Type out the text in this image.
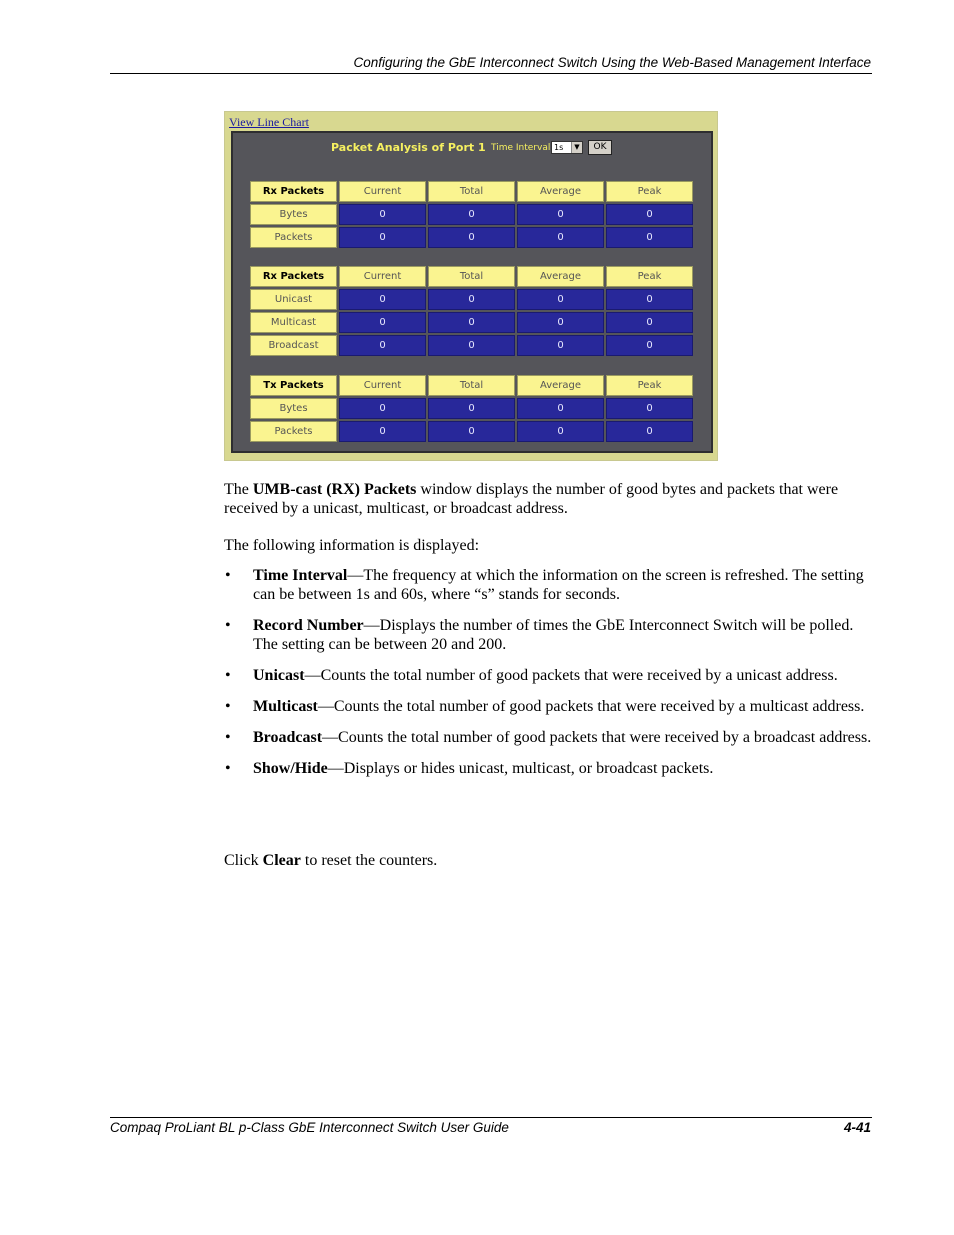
Configuring the GbE Interconnect Switch Using the Web-Based Management Interface
View Line Chart
Packet Analysis of Port 1 Time Interval 1s	▼	OK
Rx Packets	Current	Total	Average	Peak
Bytes	0	0	0	0
Packets	0	0	0	0
Rx Packets	Current	Total	Average	Peak
Unicast	0	0	0	0
Multicast	0	0	0	0
Broadcast	0	0	0	0
Tx Packets	Current	Total	Average	Peak
Bytes	0	0	0	0
Packets	0	0	0	0

The UMB-cast (RX) Packets window displays the number of good bytes and packets that were received by a unicast, multicast, or broadcast address.

The following information is displayed:

• Time Interval—The frequency at which the information on the screen is refreshed. The setting can be between 1s and 60s, where “s” stands for seconds.
• Record Number—Displays the number of times the GbE Interconnect Switch will be polled. The setting can be between 20 and 200.
• Unicast—Counts the total number of good packets that were received by a unicast address.
• Multicast—Counts the total number of good packets that were received by a multicast address.
• Broadcast—Counts the total number of good packets that were received by a broadcast address.
• Show/Hide—Displays or hides unicast, multicast, or broadcast packets.

Click Clear to reset the counters.

Compaq ProLiant BL p-Class GbE Interconnect Switch User Guide	4-41
